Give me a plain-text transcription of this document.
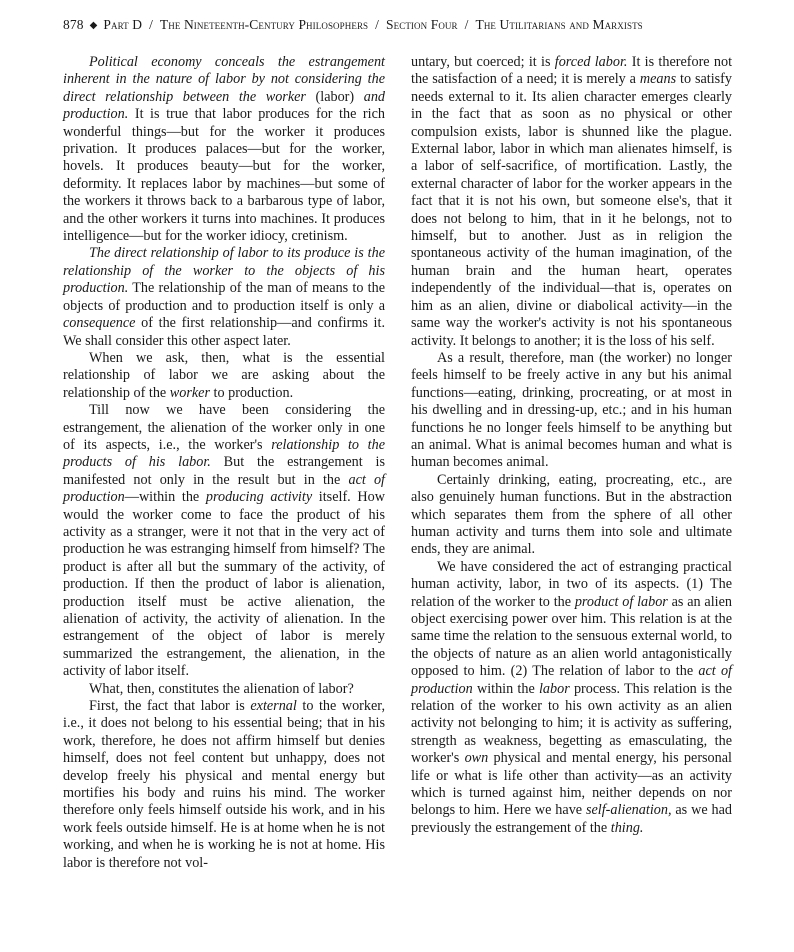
878 ◆ Part D / The Nineteenth-Century Philosophers / Section Four / The Utilitarians and Marxists

Political economy conceals the estrangement inherent in the nature of labor by not considering the direct relationship between the worker (labor) and production. It is true that labor produces for the rich wonderful things—but for the worker it produces privation. It produces palaces—but for the worker, hovels. It produces beauty—but for the worker, deformity. It replaces labor by machines—but some of the workers it throws back to a barbarous type of labor, and the other workers it turns into machines. It produces intelligence—but for the worker idiocy, cretinism.

The direct relationship of labor to its produce is the relationship of the worker to the objects of his production. The relationship of the man of means to the objects of production and to production itself is only a consequence of the first relationship—and confirms it. We shall consider this other aspect later.

When we ask, then, what is the essential relationship of labor we are asking about the relationship of the worker to production.

Till now we have been considering the estrangement, the alienation of the worker only in one of its aspects, i.e., the worker's relationship to the products of his labor. But the estrangement is manifested not only in the result but in the act of production—within the producing activity itself. How would the worker come to face the product of his activity as a stranger, were it not that in the very act of production he was estranging himself from himself? The product is after all but the summary of the activity, of production. If then the product of labor is alienation, production itself must be active alienation, the alienation of activity, the activity of alienation. In the estrangement of the object of labor is merely summarized the estrangement, the alienation, in the activity of labor itself.

What, then, constitutes the alienation of labor?

First, the fact that labor is external to the worker, i.e., it does not belong to his essential being; that in his work, therefore, he does not affirm himself but denies himself, does not feel content but unhappy, does not develop freely his physical and mental energy but mortifies his body and ruins his mind. The worker therefore only feels himself outside his work, and in his work feels outside himself. He is at home when he is not working, and when he is working he is not at home. His labor is therefore not vol-

untary, but coerced; it is forced labor. It is therefore not the satisfaction of a need; it is merely a means to satisfy needs external to it. Its alien character emerges clearly in the fact that as soon as no physical or other compulsion exists, labor is shunned like the plague. External labor, labor in which man alienates himself, is a labor of self-sacrifice, of mortification. Lastly, the external character of labor for the worker appears in the fact that it is not his own, but someone else's, that it does not belong to him, that in it he belongs, not to himself, but to another. Just as in religion the spontaneous activity of the human imagination, of the human brain and the human heart, operates independently of the individual—that is, operates on him as an alien, divine or diabolical activity—in the same way the worker's activity is not his spontaneous activity. It belongs to another; it is the loss of his self.

As a result, therefore, man (the worker) no longer feels himself to be freely active in any but his animal functions—eating, drinking, procreating, or at most in his dwelling and in dressing-up, etc.; and in his human functions he no longer feels himself to be anything but an animal. What is animal becomes human and what is human becomes animal.

Certainly drinking, eating, procreating, etc., are also genuinely human functions. But in the abstraction which separates them from the sphere of all other human activity and turns them into sole and ultimate ends, they are animal.

We have considered the act of estranging practical human activity, labor, in two of its aspects. (1) The relation of the worker to the product of labor as an alien object exercising power over him. This relation is at the same time the relation to the sensuous external world, to the objects of nature as an alien world antagonistically opposed to him. (2) The relation of labor to the act of production within the labor process. This relation is the relation of the worker to his own activity as an alien activity not belonging to him; it is activity as suffering, strength as weakness, begetting as emasculating, the worker's own physical and mental energy, his personal life or what is life other than activity—as an activity which is turned against him, neither depends on nor belongs to him. Here we have self-alienation, as we had previously the estrangement of the thing.
